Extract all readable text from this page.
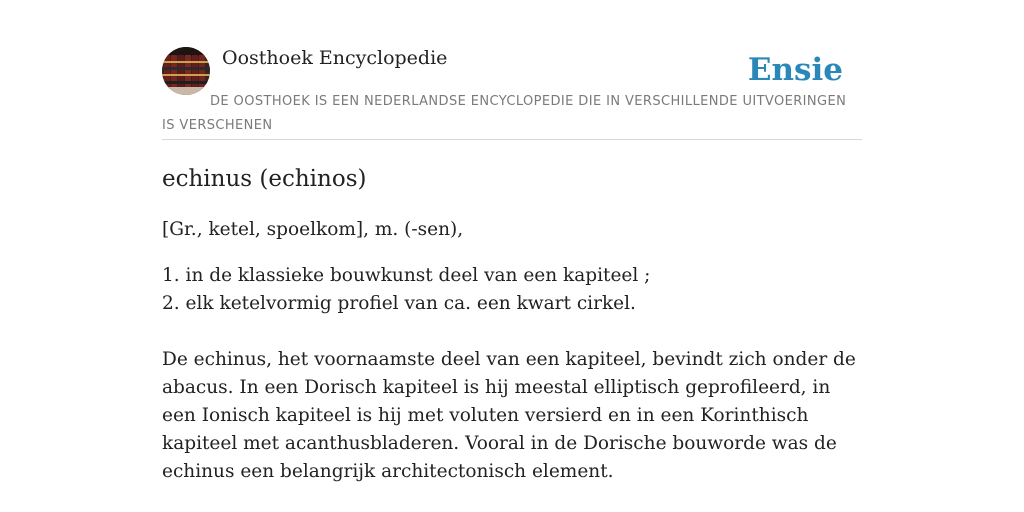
Oosthoek Encyclopedie	Ensie
DE OOSTHOEK IS EEN NEDERLANDSE ENCYCLOPEDIE DIE IN VERSCHILLENDE UITVOERINGEN IS VERSCHENEN
echinus (echinos)

[Gr., ketel, spoelkom], m. (-sen),

1. in de klassieke bouwkunst deel van een kapiteel ;
2. elk ketelvormig profiel van ca. een kwart cirkel.

De echinus, het voornaamste deel van een kapiteel, bevindt zich onder de abacus. In een Dorisch kapiteel is hij meestal elliptisch geprofileerd, in een Ionisch kapiteel is hij met voluten versierd en in een Korinthisch kapiteel met acanthusbladeren. Vooral in de Dorische bouworde was de echinus een belangrijk architectonisch element.
